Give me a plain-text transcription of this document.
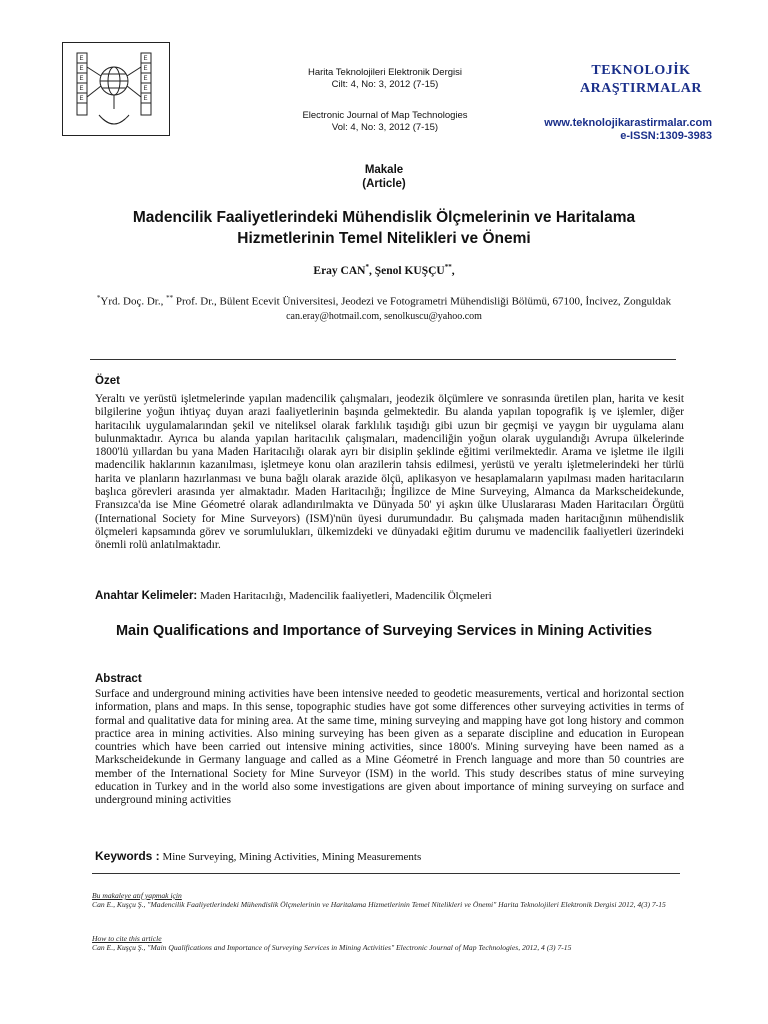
E
E
E
E
E
E
E
E
E
E
Harita Teknolojileri Elektronik Dergisi
Cilt: 4, No: 3, 2012 (7-15)
Electronic Journal of Map Technologies
Vol: 4, No: 3, 2012 (7-15)
TEKNOLOJİK
ARAŞTIRMALAR
www.teknolojikarastirmalar.com
e-ISSN:1309-3983
Makale
(Article)
Madencilik Faaliyetlerindeki Mühendislik Ölçmelerinin ve Haritalama Hizmetlerinin Temel Nitelikleri ve Önemi
Eray CAN*, Şenol KUŞÇU**,
*Yrd. Doç. Dr., ** Prof. Dr., Bülent Ecevit Üniversitesi, Jeodezi ve Fotogrametri Mühendisliği Bölümü, 67100, İncivez, Zonguldak
can.eray@hotmail.com, senolkuscu@yahoo.com
Özet
Yeraltı ve yerüstü işletmelerinde yapılan madencilik çalışmaları, jeodezik ölçümlere ve sonrasında üretilen plan, harita ve kesit bilgilerine yoğun ihtiyaç duyan arazi faaliyetlerinin başında gelmektedir. Bu alanda yapılan topografik iş ve işlemler, diğer haritacılık uygulamalarından şekil ve niteliksel olarak farklılık taşıdığı gibi uzun bir geçmişi ve yaygın bir uygulama alanı bulunmaktadır. Ayrıca bu alanda yapılan haritacılık çalışmaları, madenciliğin yoğun olarak uygulandığı Avrupa ülkelerinde 1800'lü yıllardan bu yana Maden Haritacılığı olarak ayrı bir disiplin şeklinde eğitimi verilmektedir. Arama ve işletme ile ilgili madencilik haklarının kazanılması, işletmeye konu olan arazilerin tahsis edilmesi, yerüstü ve yeraltı işletmelerindeki her türlü harita ve planların hazırlanması ve buna bağlı olarak arazide ölçü, aplikasyon ve hesaplamaların yapılması maden haritacıların başlıca görevleri arasında yer almaktadır. Maden Haritacılığı; İngilizce de Mine Surveying, Almanca da Markscheidekunde, Fransızca'da ise Mine Géometré olarak adlandırılmakta ve Dünyada 50' yi aşkın ülke Uluslararası Maden Haritacıları Örgütü (International Society for Mine Surveyors) (ISM)'nün üyesi durumundadır. Bu çalışmada maden haritacığının mühendislik ölçmeleri kapsamında görev ve sorumlulukları, ülkemizdeki ve dünyadaki eğitim durumu ve madencilik faaliyetleri üzerindeki önemli rolü anlatılmaktadır.
Anahtar Kelimeler: Maden Haritacılığı, Madencilik faaliyetleri, Madencilik Ölçmeleri
Main Qualifications and Importance of Surveying Services in Mining Activities
Abstract
Surface and underground mining activities have been intensive needed to geodetic measurements, vertical and horizontal section information, plans and maps. In this sense, topographic studies have got some differences other surveying activities in terms of formal and qualitative data for mining area. At the same time, mining surveying and mapping have got long history and common practice area in mining activities. Also mining surveying has been given as a separate discipline and education in European countries which have been carried out intensive mining activities, since 1800's. Mining surveying have been named as a Markscheidekunde in Germany language and called as a Mine Géometré in French language and more than 50 countries are member of the International Society for Mine Surveyor (ISM) in the world. This study describes status of mine surveying education in Turkey and in the world also some investigations are given about importance of mining surveying on surface and underground mining activities
Keywords : Mine Surveying, Mining Activities, Mining Measurements
Bu makaleye atıf yapmak için
Can E., Kuşçu Ş., "Madencilik Faaliyetlerindeki Mühendislik Ölçmelerinin ve Haritalama Hizmetlerinin Temel Nitelikleri ve Önemi" Harita Teknolojileri Elektronik Dergisi 2012, 4(3) 7-15
How to cite this article
Can E., Kuşçu Ş., "Main Qualifications and Importance of Surveying Services in Mining Activities" Electronic Journal of Map Technologies, 2012, 4 (3) 7-15
